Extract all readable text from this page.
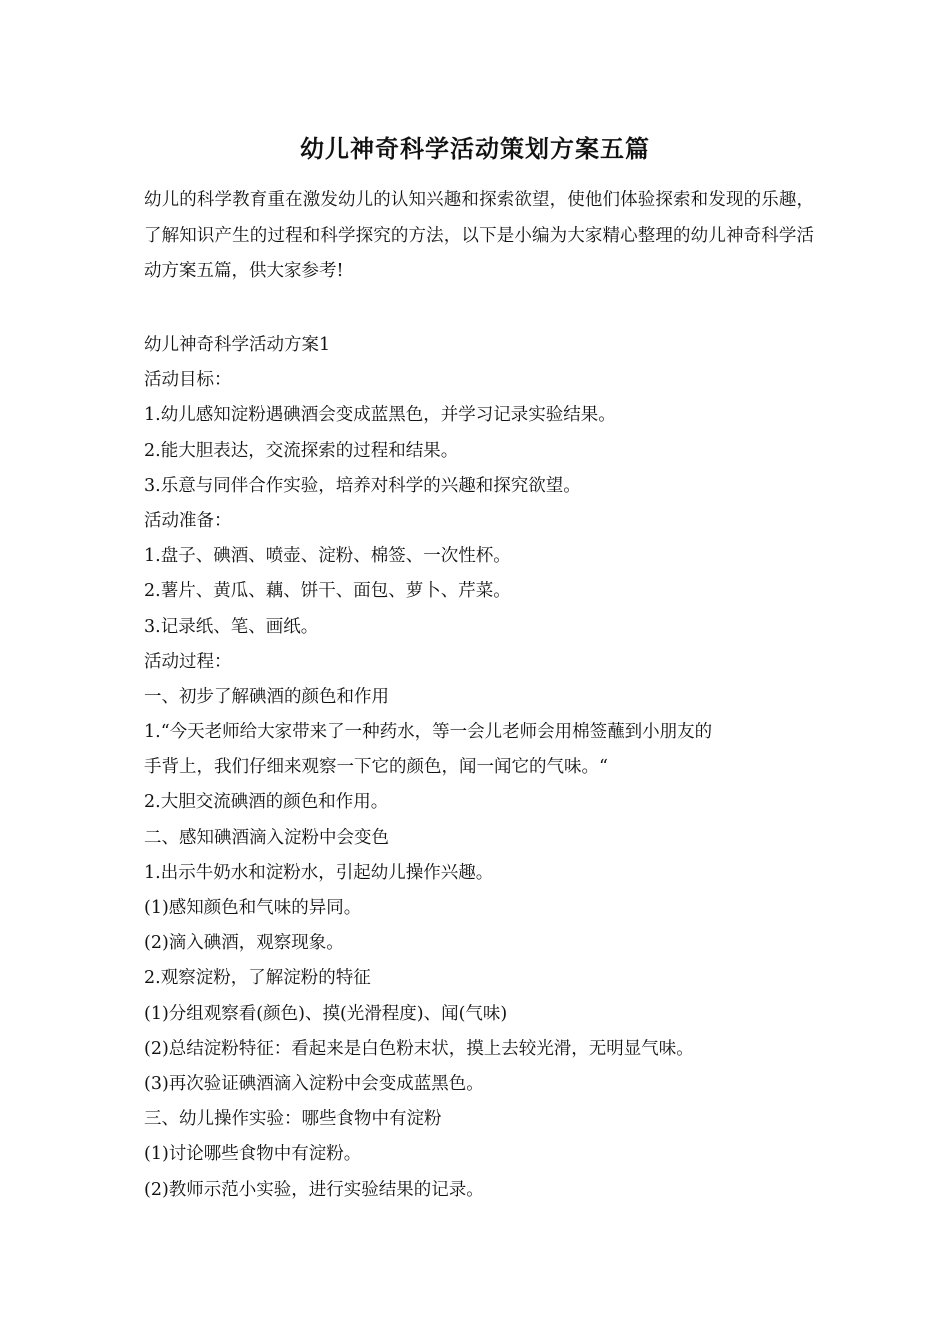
幼儿神奇科学活动策划方案五篇
幼儿的科学教育重在激发幼儿的认知兴趣和探索欲望，使他们体验探索和发现的乐趣，了解知识产生的过程和科学探究的方法，以下是小编为大家精心整理的幼儿神奇科学活动方案五篇，供大家参考!
幼儿神奇科学活动方案1
活动目标：
1.幼儿感知淀粉遇碘酒会变成蓝黑色，并学习记录实验结果。
2.能大胆表达，交流探索的过程和结果。
3.乐意与同伴合作实验，培养对科学的兴趣和探究欲望。
活动准备：
1.盘子、碘酒、喷壶、淀粉、棉签、一次性杯。
2.薯片、黄瓜、藕、饼干、面包、萝卜、芹菜。
3.记录纸、笔、画纸。
活动过程：
一、初步了解碘酒的颜色和作用
1.“今天老师给大家带来了一种药水，等一会儿老师会用棉签蘸到小朋友的
手背上，我们仔细来观察一下它的颜色，闻一闻它的气味。“
2.大胆交流碘酒的颜色和作用。
二、感知碘酒滴入淀粉中会变色
1.出示牛奶水和淀粉水，引起幼儿操作兴趣。
(1)感知颜色和气味的异同。
(2)滴入碘酒，观察现象。
2.观察淀粉，了解淀粉的特征
(1)分组观察看(颜色)、摸(光滑程度)、闻(气味)
(2)总结淀粉特征：看起来是白色粉末状，摸上去较光滑，无明显气味。
(3)再次验证碘酒滴入淀粉中会变成蓝黑色。
三、幼儿操作实验：哪些食物中有淀粉
(1)讨论哪些食物中有淀粉。
(2)教师示范小实验，进行实验结果的记录。
